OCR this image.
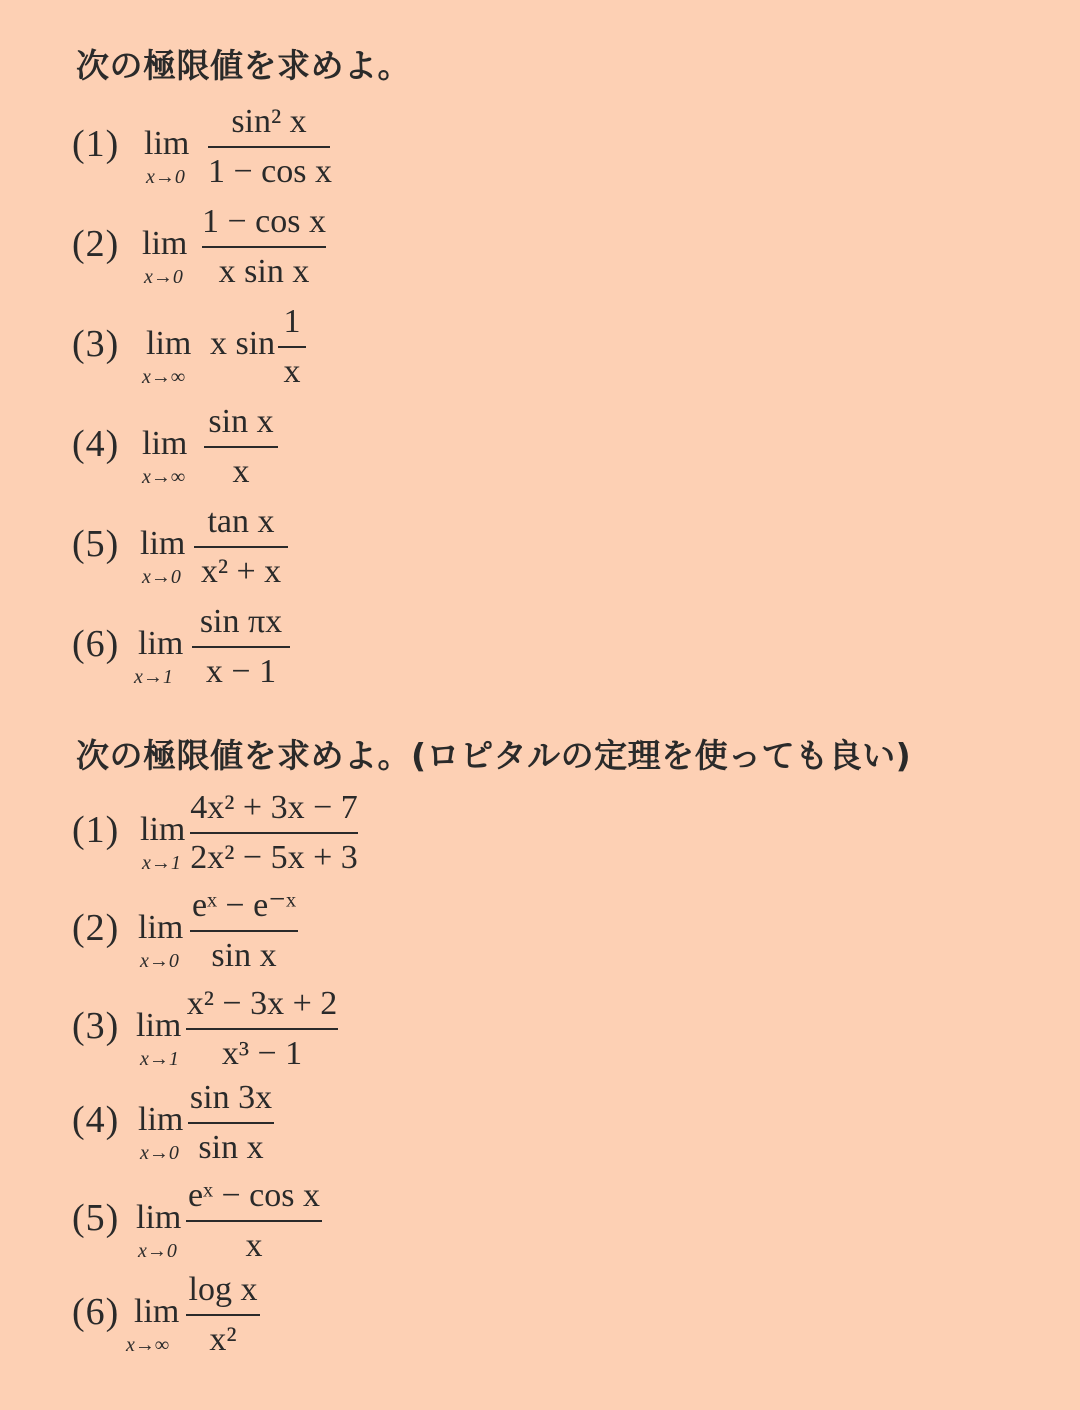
次の極限値を求めよ。
(1) lim
x→0
sin² x
1 − cos x
(2) lim
x→0
1 − cos x
x sin x
(3) lim
x→∞
x sin
1
x
(4) lim
x→∞
sin x
x
(5) lim
x→0
tan x
x² + x
(6) lim
x→1
sin πx
x − 1
次の極限値を求めよ。(ロピタルの定理を使っても良い)
(1) lim
x→1
4x² + 3x − 7
2x² − 5x + 3
(2) lim
x→0
eˣ − e⁻ˣ
sin x
(3) lim
x→1
x² − 3x + 2
x³ − 1
(4) lim
x→0
sin 3x
sin x
(5) lim
x→0
eˣ − cos x
x
(6) lim
x→∞
log x
x²
